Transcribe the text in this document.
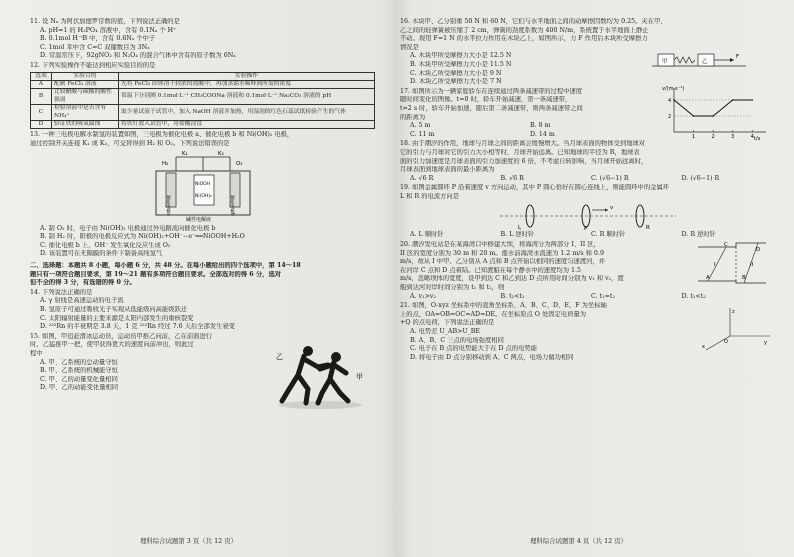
11. 设 Nₐ 为阿伏加德罗常数的值，下列说法正确的是
A. pH=1 的 H₃PO₄ 溶液中，含有 0.1Nₐ 个 H⁺
B. 0.1mol H⁻ⁱB 中，含有 0.6Nₐ 个中子
C. 1mol 苯中含 C=C 双键数目为 3Nₐ
D. 常温常压下，92gNO₂ 和 N₂O₄ 的混合气体中含有的原子数为 6Nₐ
12. 下列实验操作不能达到相应实验目的的是
选项	实验目的	实验操作
A	配制 FeCl₃ 溶液	先将 FeCl₃ 固体溶于较浓的盐酸中，再加蒸馏水稀释到所需的浓度
B	比较醋酸与碳酸的酸性强弱	常温下分别测 0.1mol·L⁻¹ CH₃COONa 溶液和 0.1mol·L⁻¹ Na₂CO₃ 溶液的 pH
C	检验溶液中是否含有 NH₄⁺	取少量试液于试管中，加入 NaOH 溶液并加热，用湿润的红色石蕊试纸检验产生的气体
D	验证铁的吸氧腐蚀	将铁钉放入试管中，用盐酸浸没
13. 一种三电极电解水制氢的装置如图，三电极为催化电极 a、催化电极 b 和 Ni(OH)₂ 电极，
通过控制开关连接 K₁ 或 K₂，可交替得到 H₂ 和 O₂。下列说法错误的是
K₁	K₂
H₂	O₂
催化电极a	催化电极b
NiOOH
Ni(OH)₂
碱性电解液
A. 制 O₂ 时，电子由 Ni(OH)₂ 电极通过外电路流向催化电极 b
B. 制 H₂ 时，阳极的电极反应式为 Ni(OH)₂+OH⁻−e⁻══NiOOH+H₂O
C. 催化电极 b 上，OH⁻ 发生氧化反应生成 O₂
D. 该装置可在无隔膜的条件下制备高纯氢气
二、选择题：本题共 8 小题，每小题 6 分，共 48 分。在每小题给出的四个选项中，第 14～18
题只有一项符合题目要求，第 19～21 题有多项符合题目要求。全部选对的得 6 分，选对
但不全的得 3 分，有选错的得 0 分。
14. 下列说法正确的是
A. γ 射线是高速运动的电子流
B. 氢原子可通过吸收光子实现从低能级向高能级跃迁
C. 太阳辐射能量的主要来源是太阳内部发生的重核裂变
D. ²²²Rn 的半衰期是 3.8 天，1 克 ²²²Rn 经过 7.6 天后全部发生衰变
15. 如图，甲追赶滑冰运动员，运动员甲推乙向前，乙在前面进行
时，乙猛推甲一把，使甲获得更大的速度向前冲出，则此过
程中
A. 甲、乙系统的总动量守恒
B. 甲、乙系统的机械能守恒
C. 甲、乙的动量变化量相同
D. 甲、乙的动能变化量相同
乙
甲
理科综合试题第 3 页（共 12 页）
16. 木块甲、乙分别重 50 N 和 60 N，它们与水平地面之间的动摩擦因数均为 0.25。夹在甲、
乙之间的轻弹簧被压缩了 2 cm，弹簧的劲度系数为 400 N/m，系统置于水平地面上静止
不动。现用 F=1 N 的水平拉力作用在木块乙上，如图所示，力 F 作用后木块所受摩擦力
情况是
A. 木块甲所受摩擦力大小是 12.5 N
B. 木块甲所受摩擦力大小是 11.5 N
C. 木块乙所受摩擦力大小是 9 N
D. 木块乙所受摩擦力大小是 7 N
甲	乙
F
17. 如图所示为一辆家庭轿车在连续通过两条减速带的过程中速度
随时间变化的图像。t=0 时，轿车开始减速，第一条减速带，
t=2 s 时，轿车开始加速，随后第二条减速带，则两条减速带之间
的距离为
A. 5 m	B. 8 m
C. 11 m	D. 14 m
2
4
1	2	3	4
v/(m·s⁻¹)
t/s
18. 由于潮汐的作用，地球与月球之间的距离会缓慢增大。当月球表面的物体受到地球对
它的引力与月球对它的引力大小相等时，月球开始远离。已知地球的半径为 R，地球表
面的引力加速度是月球表面的引力加速度的 6 倍，不考虑自转影响，当月球开始远离时，
月球表面到地球表面的最小距离为
A. √6 R	B. √6 R	C. (√6−1) R	D. (√6−1) R
19. 如图金属圆环 P 沿着速度 v 方向运动，其中 P 圆心恰好在圆心连线上，则能圆环中的金属环
L 和 R 的电流方向是
L	P	R
v
A. L 顺时针	B. L 逆时针	C. R 顺时针	D. R 逆时针
20. 潮汐发电站是在某海湾口中修建大坝，将海湾分为两部分 I、II 区，
II 区的宽度分别为 30 m 和 20 m。涨水前海湾水流速为 1.2 m/s 和 0.9
m/s，故从 I 中甲、乙分别从 A 点和 B 点开始以相同的速度匀速渡河，并
在河岸 C 点和 D 点着陆。已知渡船在每个静水中的速度均为 1.5
m/s，忽略坝体的宽度，设甲到达 C 和乙到达 D 点所用时间分别为 v₁ 和 v₂，渡
船到达河对岸时间分别为 t₁ 和 t₂，则
A. v₁>v₂	B. t₁<t₂	C. t₁=t₂	D. t₁<t₂
C
D
A	B
I	II
21. 如图，O-xyz 坐标系中的直角坐标系，A、B、C、D、E、F 为坐标轴
上的点，OA=OB=OC=AD=DE。在坐标原点 O 处固定电荷量为
+Q 的点电荷，下列说法正确的是
A. 电势差 U_AB>U_BE
B. A、B、C 三点的电场强度相同
C. 电子在 B 点的电势能大于在 D 点的电势能
D. 将电子由 D 点分别移动到 A、C 两点，电场力做功相同
z
y
x
O
理科综合试题第 4 页（共 12 页）
